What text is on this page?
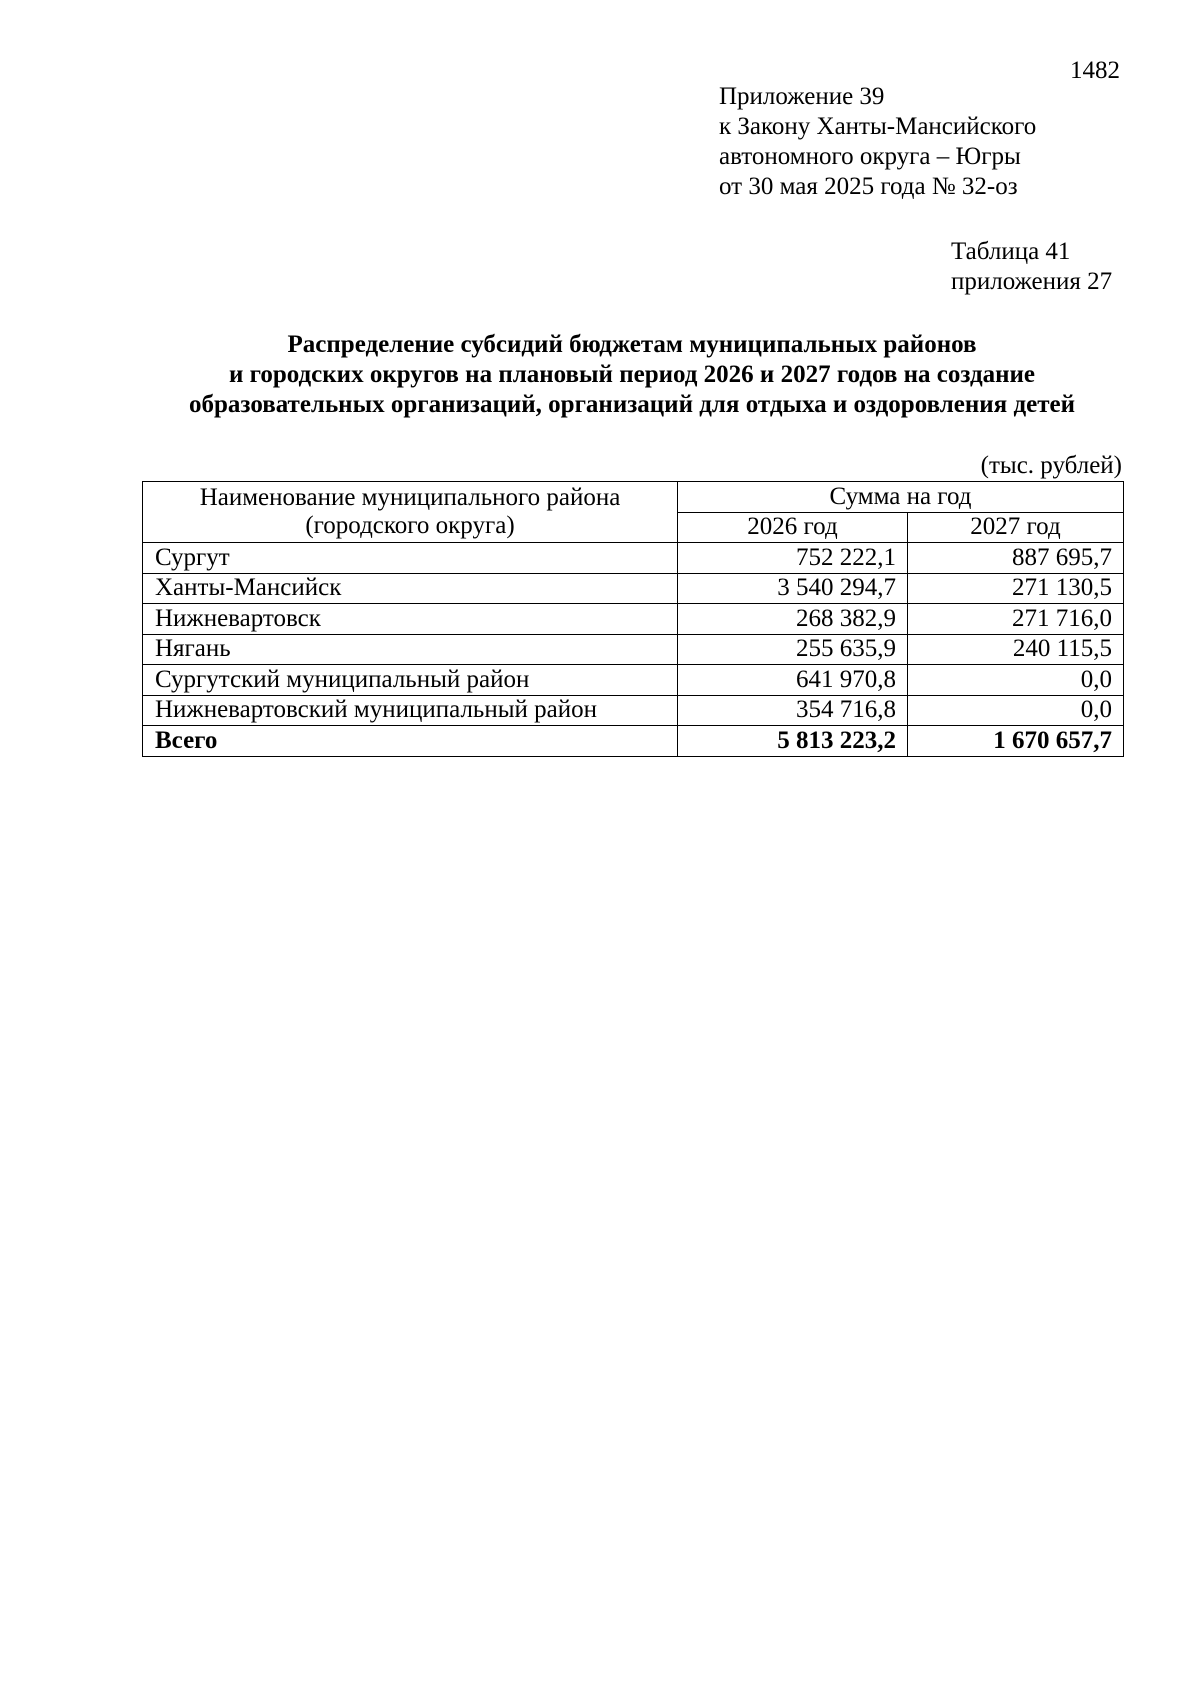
1482
Приложение 39
к Закону Ханты-Мансийского
автономного округа – Югры
от 30 мая 2025 года № 32-оз
Таблица 41
приложения 27
Распределение субсидий бюджетам муниципальных районов
и городских округов на плановый период 2026 и 2027 годов на создание
образовательных организаций, организаций для отдыха и оздоровления детей
(тыс. рублей)
Наименование муниципального района
(городского округа)	Сумма на год	
	2026 год	2027 год
Сургут	752 222,1	887 695,7
Ханты-Мансийск	3 540 294,7	271 130,5
Нижневартовск	268 382,9	271 716,0
Нягань	255 635,9	240 115,5
Сургутский муниципальный район	641 970,8	0,0
Нижневартовский муниципальный район	354 716,8	0,0
Всего	5 813 223,2	1 670 657,7
